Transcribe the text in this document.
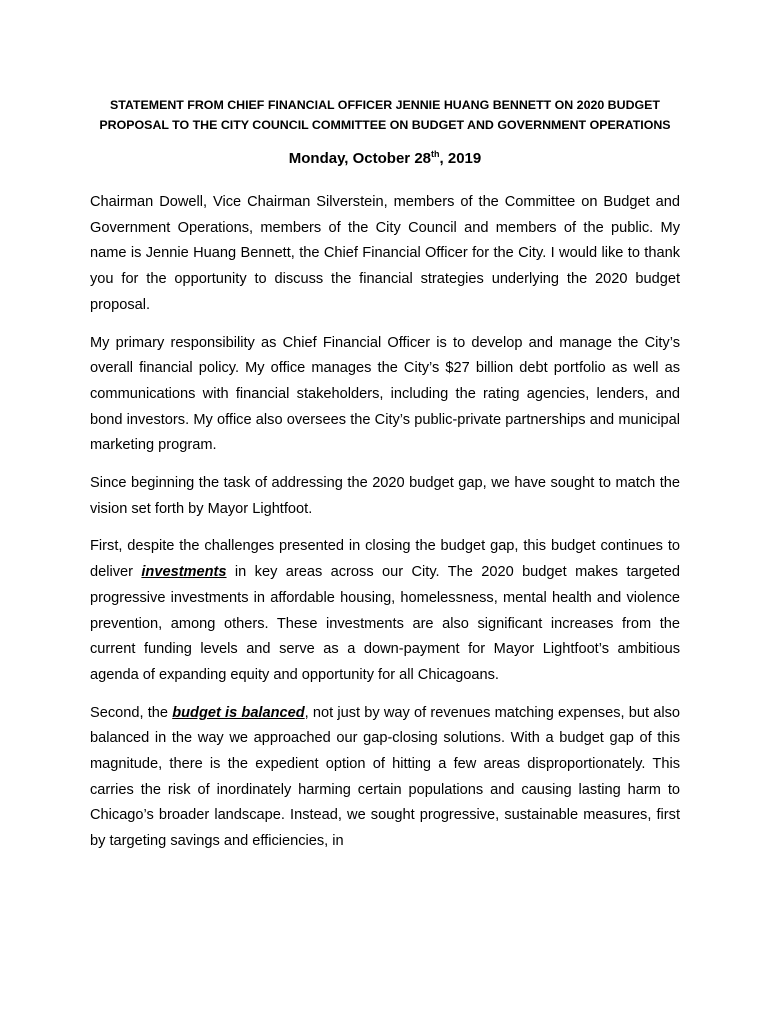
STATEMENT FROM CHIEF FINANCIAL OFFICER JENNIE HUANG BENNETT ON 2020 BUDGET
PROPOSAL TO THE CITY COUNCIL COMMITTEE ON BUDGET AND GOVERNMENT OPERATIONS
Monday, October 28th, 2019

Chairman Dowell, Vice Chairman Silverstein, members of the Committee on Budget and Government Operations, members of the City Council and members of the public. My name is Jennie Huang Bennett, the Chief Financial Officer for the City. I would like to thank you for the opportunity to discuss the financial strategies underlying the 2020 budget proposal.

My primary responsibility as Chief Financial Officer is to develop and manage the City’s overall financial policy. My office manages the City’s $27 billion debt portfolio as well as communications with financial stakeholders, including the rating agencies, lenders, and bond investors. My office also oversees the City’s public-private partnerships and municipal marketing program.

Since beginning the task of addressing the 2020 budget gap, we have sought to match the vision set forth by Mayor Lightfoot.

First, despite the challenges presented in closing the budget gap, this budget continues to deliver investments in key areas across our City. The 2020 budget makes targeted progressive investments in affordable housing, homelessness, mental health and violence prevention, among others. These investments are also significant increases from the current funding levels and serve as a down-payment for Mayor Lightfoot’s ambitious agenda of expanding equity and opportunity for all Chicagoans.

Second, the budget is balanced, not just by way of revenues matching expenses, but also balanced in the way we approached our gap-closing solutions. With a budget gap of this magnitude, there is the expedient option of hitting a few areas disproportionately. This carries the risk of inordinately harming certain populations and causing lasting harm to Chicago’s broader landscape. Instead, we sought progressive, sustainable measures, first by targeting savings and efficiencies, in
